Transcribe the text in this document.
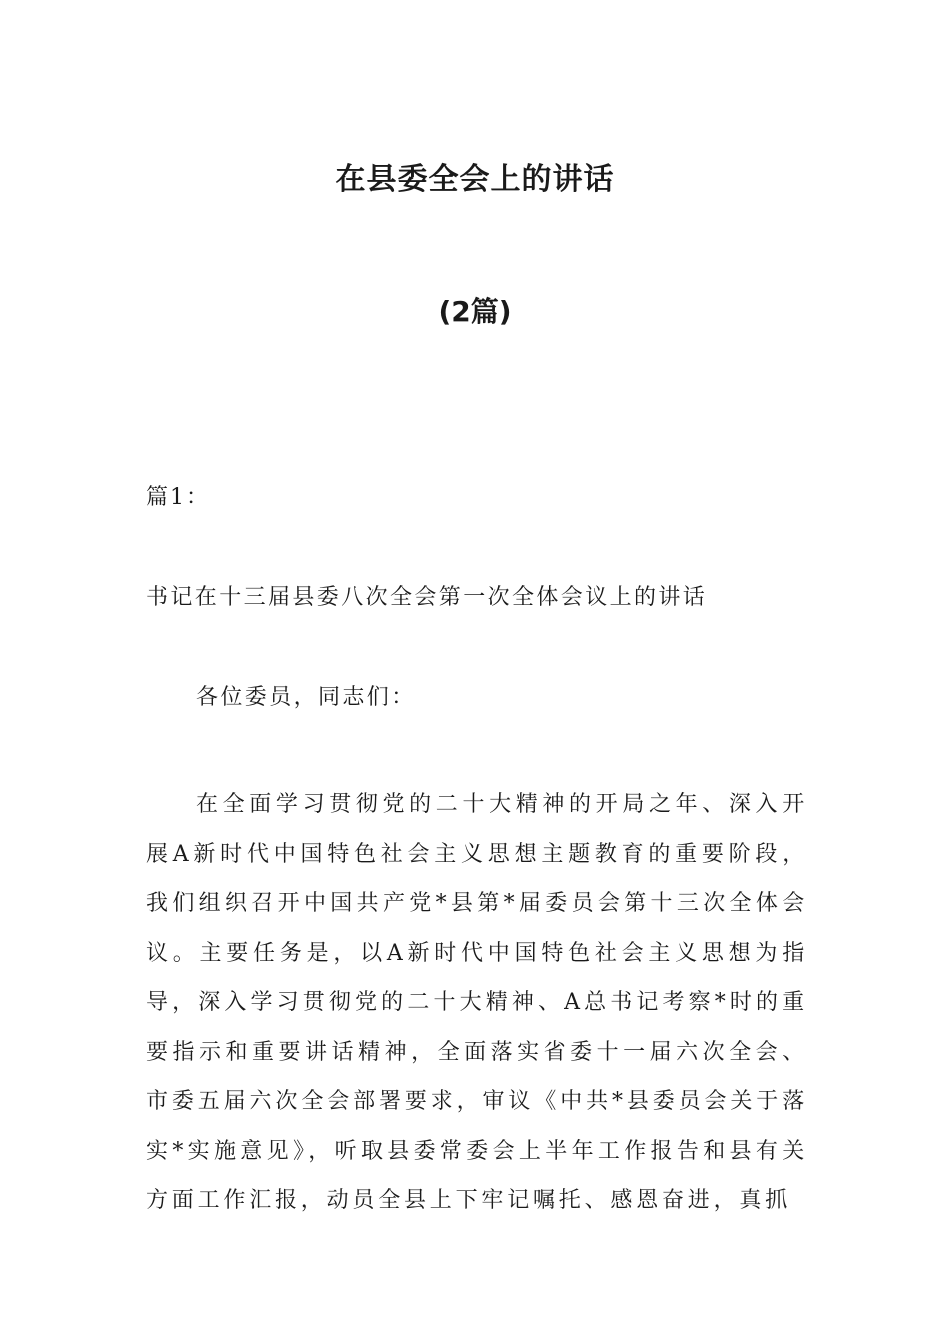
在县委全会上的讲话
(2篇)
篇1：
书记在十三届县委八次全会第一次全体会议上的讲话
各位委员，同志们：

在全面学习贯彻党的二十大精神的开局之年、深入开展A新时代中国特色社会主义思想主题教育的重要阶段，我们组织召开中国共产党*县第*届委员会第十三次全体会议。主要任务是，以A新时代中国特色社会主义思想为指导，深入学习贯彻党的二十大精神、A总书记考察*时的重要指示和重要讲话精神，全面落实省委十一届六次全会、市委五届六次全会部署要求，审议《中共*县委员会关于落实*实施意见》，听取县委常委会上半年工作报告和县有关方面工作汇报，动员全县上下牢记嘱托、感恩奋进，真抓
